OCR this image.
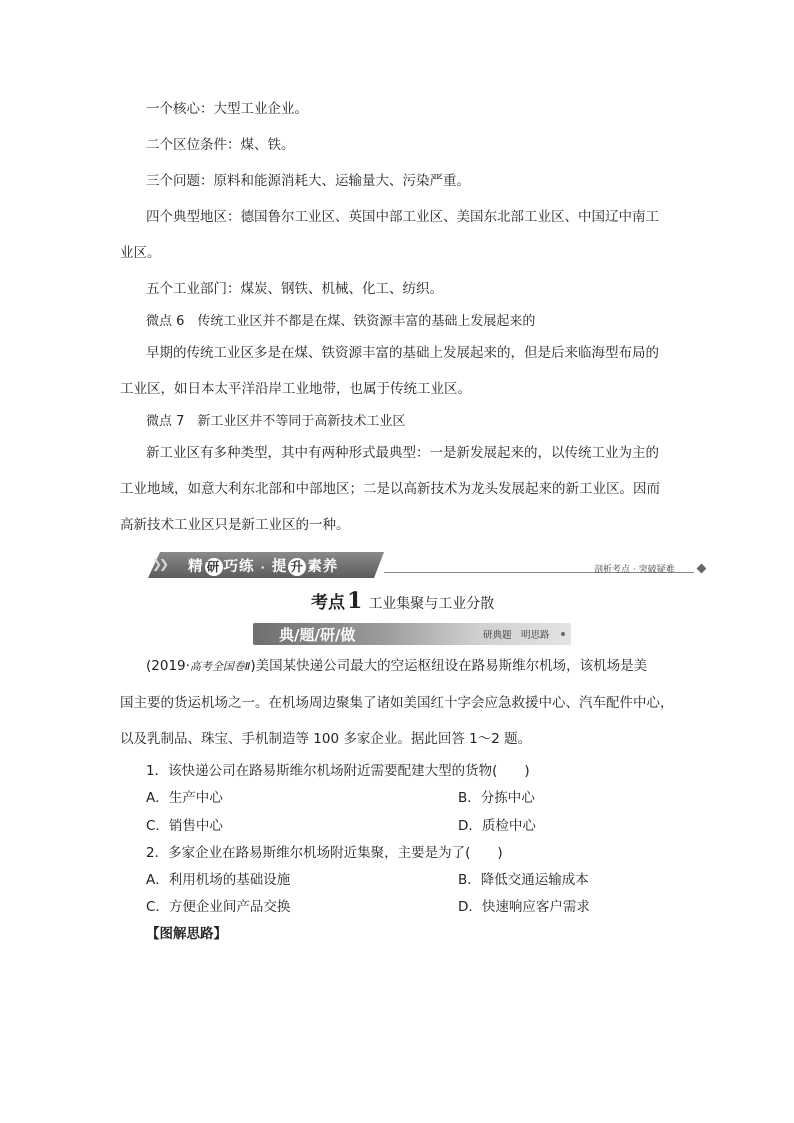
一个核心：大型工业企业。
二个区位条件：煤、铁。
三个问题：原料和能源消耗大、运输量大、污染严重。
四个典型地区：德国鲁尔工业区、英国中部工业区、美国东北部工业区、中国辽中南工
业区。
五个工业部门：煤炭、钢铁、机械、化工、纺织。
微点 6　传统工业区并不都是在煤、铁资源丰富的基础上发展起来的
早期的传统工业区多是在煤、铁资源丰富的基础上发展起来的，但是后来临海型布局的
工业区，如日本太平洋沿岸工业地带，也属于传统工业区。
微点 7　新工业区并不等同于高新技术工业区
新工业区有多种类型，其中有两种形式最典型：一是新发展起来的，以传统工业为主的
工业地域，如意大利东北部和中部地区；二是以高新技术为龙头发展起来的新工业区。因而
高新技术工业区只是新工业区的一种。
❯❯ 精 研 巧练 · 提 升 素养	剖析考点 · 突破疑难
考点1 工业集聚与工业分散
典/题/研/做	研典题　明思路
(2019·高考全国卷Ⅱ)美国某快递公司最大的空运枢纽设在路易斯维尔机场，该机场是美
国主要的货运机场之一。在机场周边聚集了诸如美国红十字会应急救援中心、汽车配件中心，
以及乳制品、珠宝、手机制造等 100 多家企业。据此回答 1～2 题。
1．该快递公司在路易斯维尔机场附近需要配建大型的货物(　　)
A．生产中心	B．分拣中心
C．销售中心	D．质检中心
2．多家企业在路易斯维尔机场附近集聚，主要是为了(　　)
A．利用机场的基础设施	B．降低交通运输成本
C．方便企业间产品交换	D．快速响应客户需求
【图解思路】
